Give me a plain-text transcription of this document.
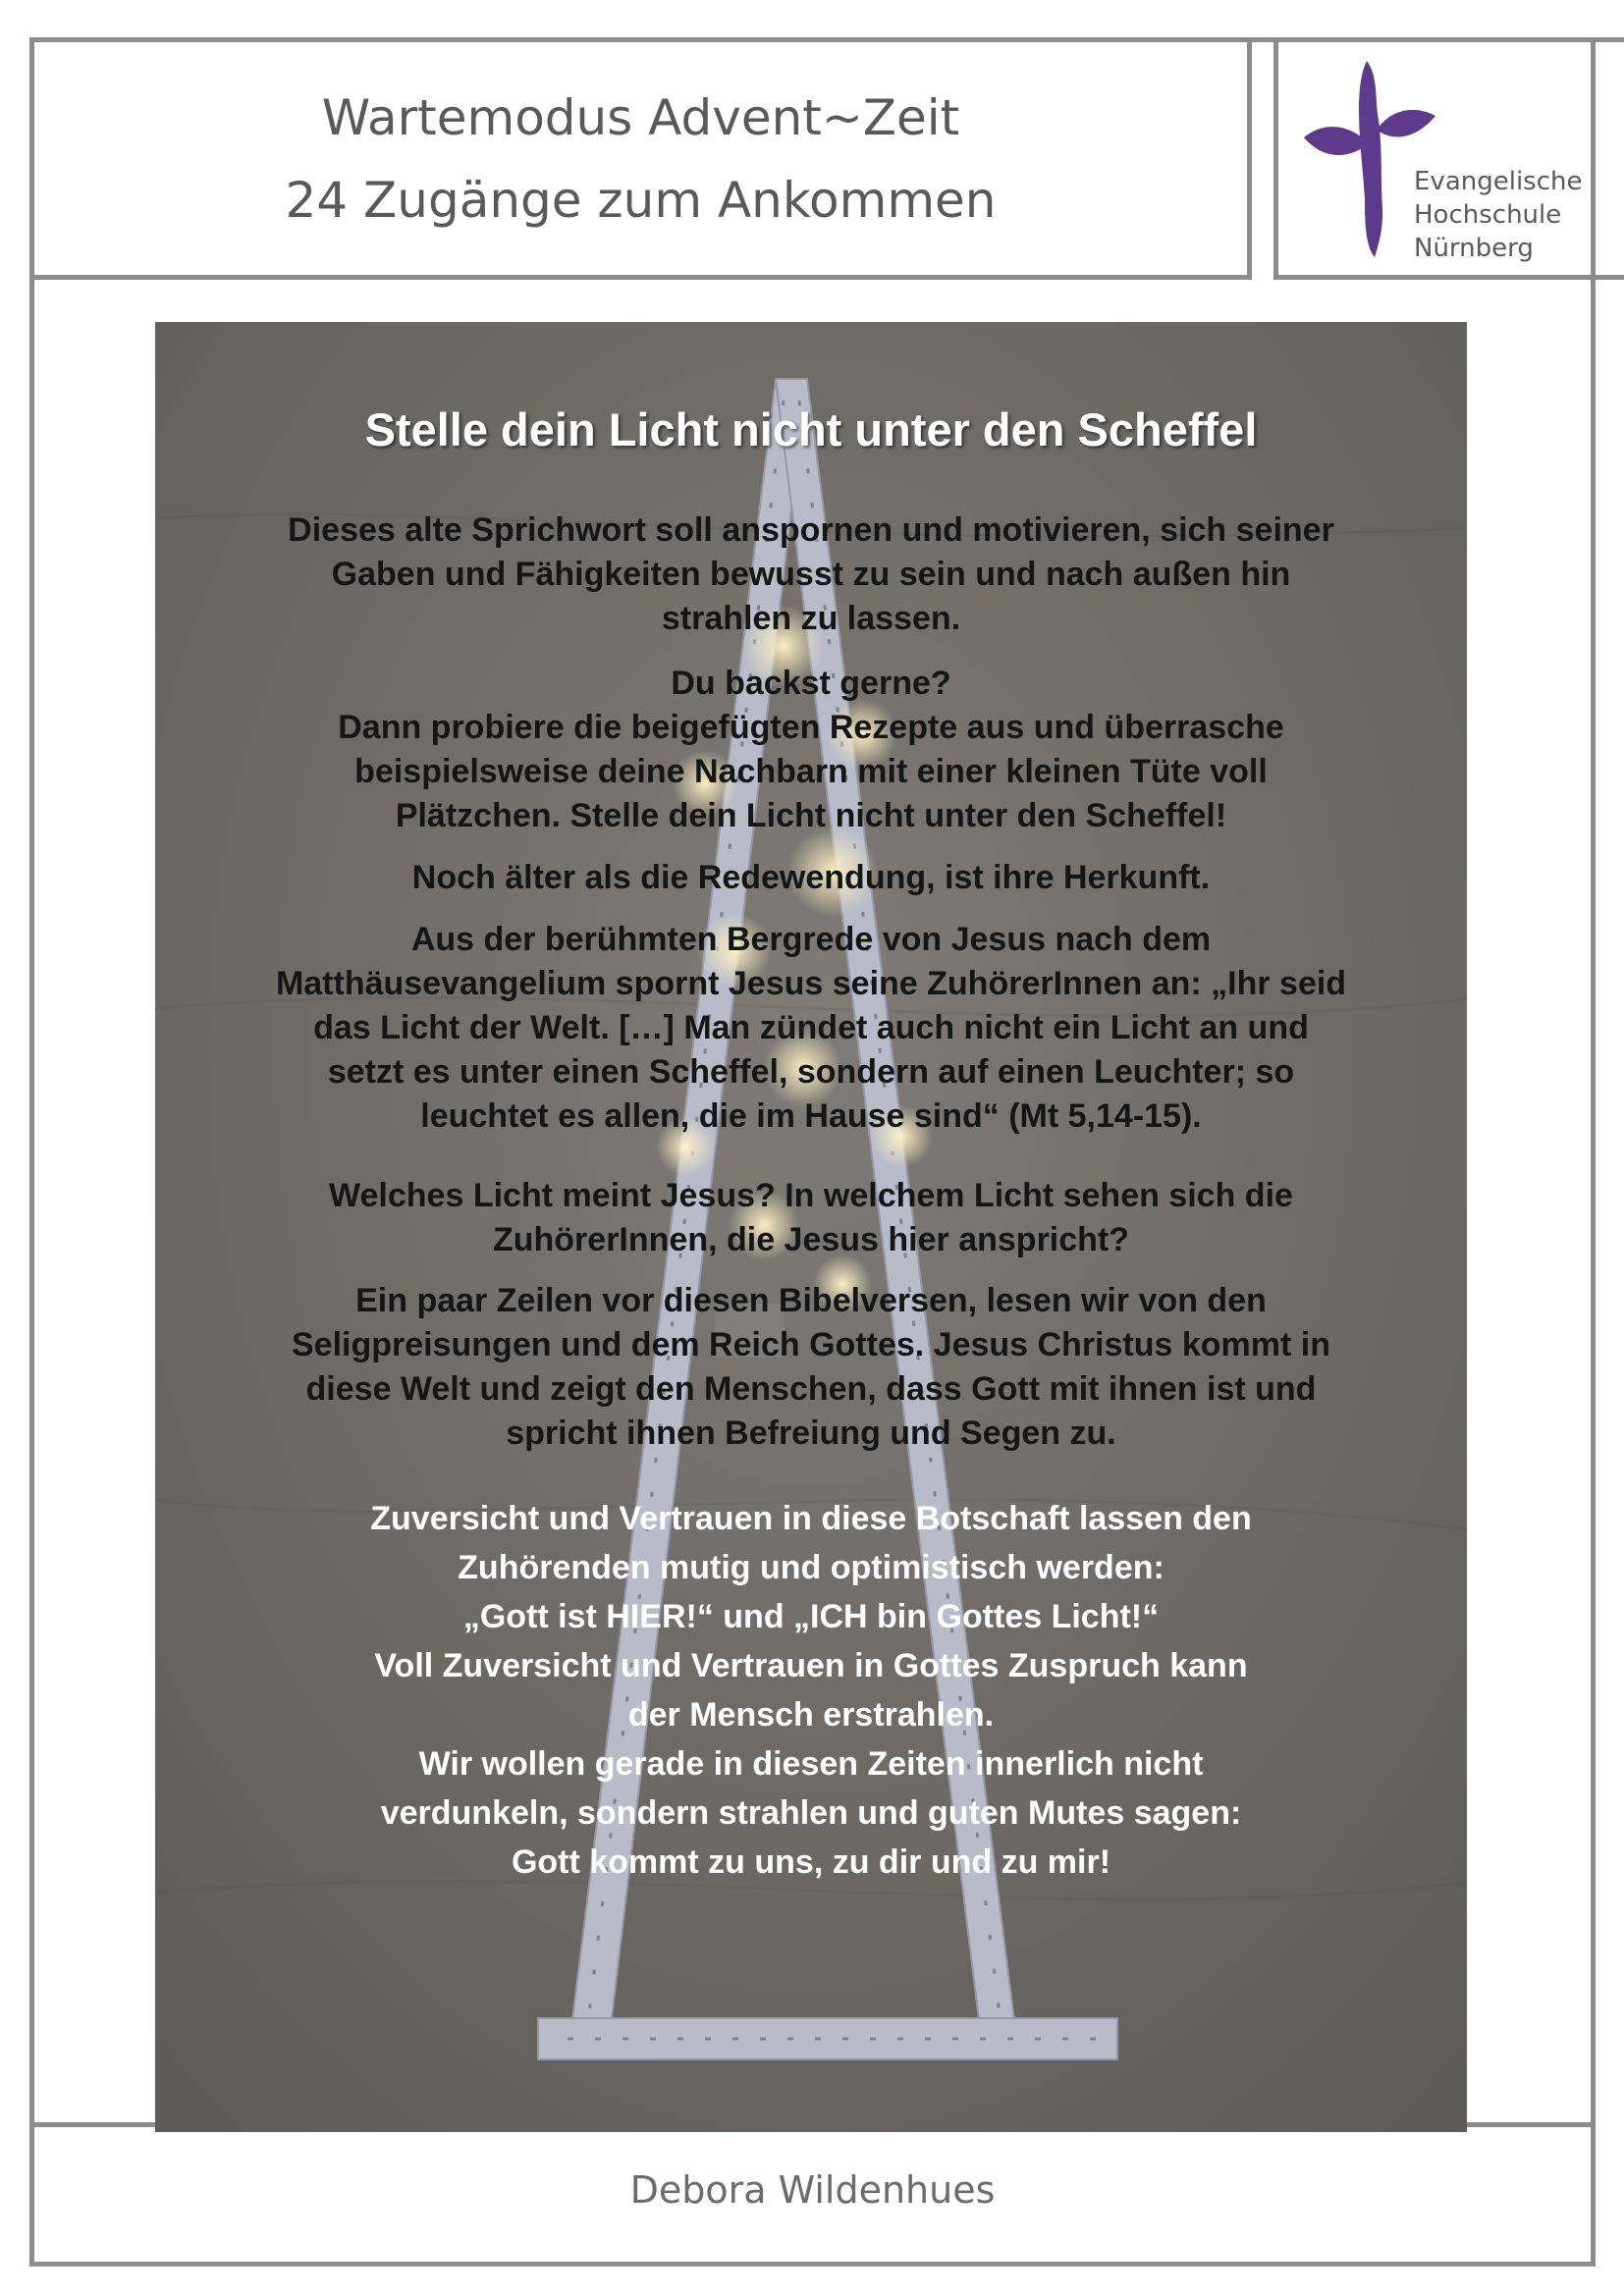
Wartemodus Advent~Zeit
24 Zugänge zum Ankommen	Evangelische
Hochschule
Nürnberg
Stelle dein Licht nicht unter den Scheffel
Dieses alte Sprichwort soll anspornen und motivieren, sich seiner
Gaben und Fähigkeiten bewusst zu sein und nach außen hin
strahlen zu lassen.
Du backst gerne?
Dann probiere die beigefügten Rezepte aus und überrasche
beispielsweise deine Nachbarn mit einer kleinen Tüte voll
Plätzchen. Stelle dein Licht nicht unter den Scheffel!
Noch älter als die Redewendung, ist ihre Herkunft.
Aus der berühmten Bergrede von Jesus nach dem
Matthäusevangelium spornt Jesus seine ZuhörerInnen an: „Ihr seid
das Licht der Welt. […] Man zündet auch nicht ein Licht an und
setzt es unter einen Scheffel, sondern auf einen Leuchter; so
leuchtet es allen, die im Hause sind“ (Mt 5,14-15).
Welches Licht meint Jesus? In welchem Licht sehen sich die
ZuhörerInnen, die Jesus hier anspricht?
Ein paar Zeilen vor diesen Bibelversen, lesen wir von den
Seligpreisungen und dem Reich Gottes. Jesus Christus kommt in
diese Welt und zeigt den Menschen, dass Gott mit ihnen ist und
spricht ihnen Befreiung und Segen zu.
Zuversicht und Vertrauen in diese Botschaft lassen den
Zuhörenden mutig und optimistisch werden:
„Gott ist HIER!“ und „ICH bin Gottes Licht!“
Voll Zuversicht und Vertrauen in Gottes Zuspruch kann
der Mensch erstrahlen.
Wir wollen gerade in diesen Zeiten innerlich nicht
verdunkeln, sondern strahlen und guten Mutes sagen:
Gott kommt zu uns, zu dir und zu mir!
Debora Wildenhues
